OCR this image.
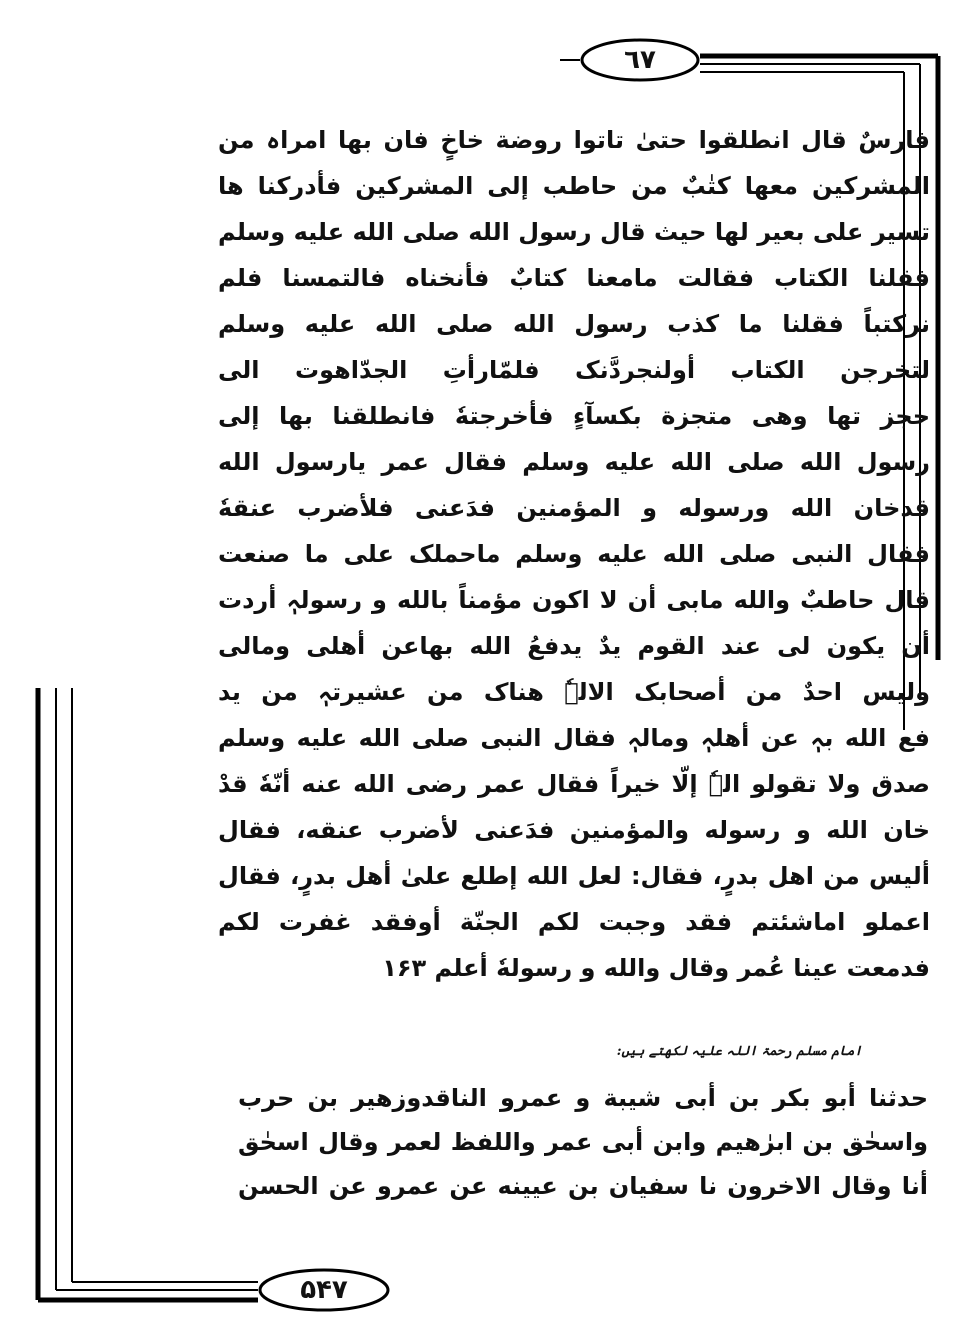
٦٧
۵۴٧
فارسٌ قال انطلقوا حتیٰ تاتوا روضة خاخٍ فان بها امراہ من
المشرکین معها کتٰبٌ من حاطب إلی المشرکین فأدرکنا ھا
تسیر علی بعیر لها حیث قال رسول الله صلی الله علیه وسلم
فقلنا الکتاب فقالت مامعنا کتابٌ فأنخناه فالتمسنا فلم
نرکتباً فقلنا ما کذب رسول الله صلی الله علیه وسلم
لتخرجن الکتاب أولنجردَّنک فلمّارأتِ الجدّاهوت الی
حجز تها وهی متجزة بکسآءٍ فأخرجتهٗ فانطلقنا بها إلی
رسول الله صلی الله علیه وسلم فقال عمر یارسول الله
قدخان الله ورسوله و المؤمنین فدَعنی فلأضرب عنقهٗ
فقال النبی صلی الله علیه وسلم ماحملک علی ما صنعت
قال حاطبٌ والله مابی أن لا اکون مؤمناً بالله و رسولہٖ أردت
أن یکون لی عند القوم یدٌ یدفعُ الله بهاعن أهلی ومالی
ولیس احدٌ من أصحابک الالہٗ هناک من عشیرتہٖ من ید
فع الله بہٖ عن أهلہٖ ومالہٖ فقال النبی صلی الله علیه وسلم
صدق ولا تقولو الہٗ إلّا خیراً فقال عمر رضی الله عنه أنّهٗ قدْ
خان الله و رسوله والمؤمنین فدَعنی لأضرب عنقه، فقال
ألیس من اهل بدرٍ، فقال: لعل الله إطلع علیٰ أهل بدرٍ، فقال
اعملو اماشئتم فقد وجبت لکم الجنّة أوفقد غفرت لکم
فدمعت عینا عُمر وقال والله و رسولهٗ أعلم ۱۶۳
امام مسلم رحمۃ اللہ علیہ لکھتے ہیں:
حدثنا أبو بکر بن أبی شیبة و عمرو الناقدوزهیر بن حرب
واسحٰق بن ابرٰهیم وابن أبی عمر واللفظ لعمر وقال اسحٰق
أنا وقال الاخرون نا سفیان بن عیینه عن عمرو عن الحسن
